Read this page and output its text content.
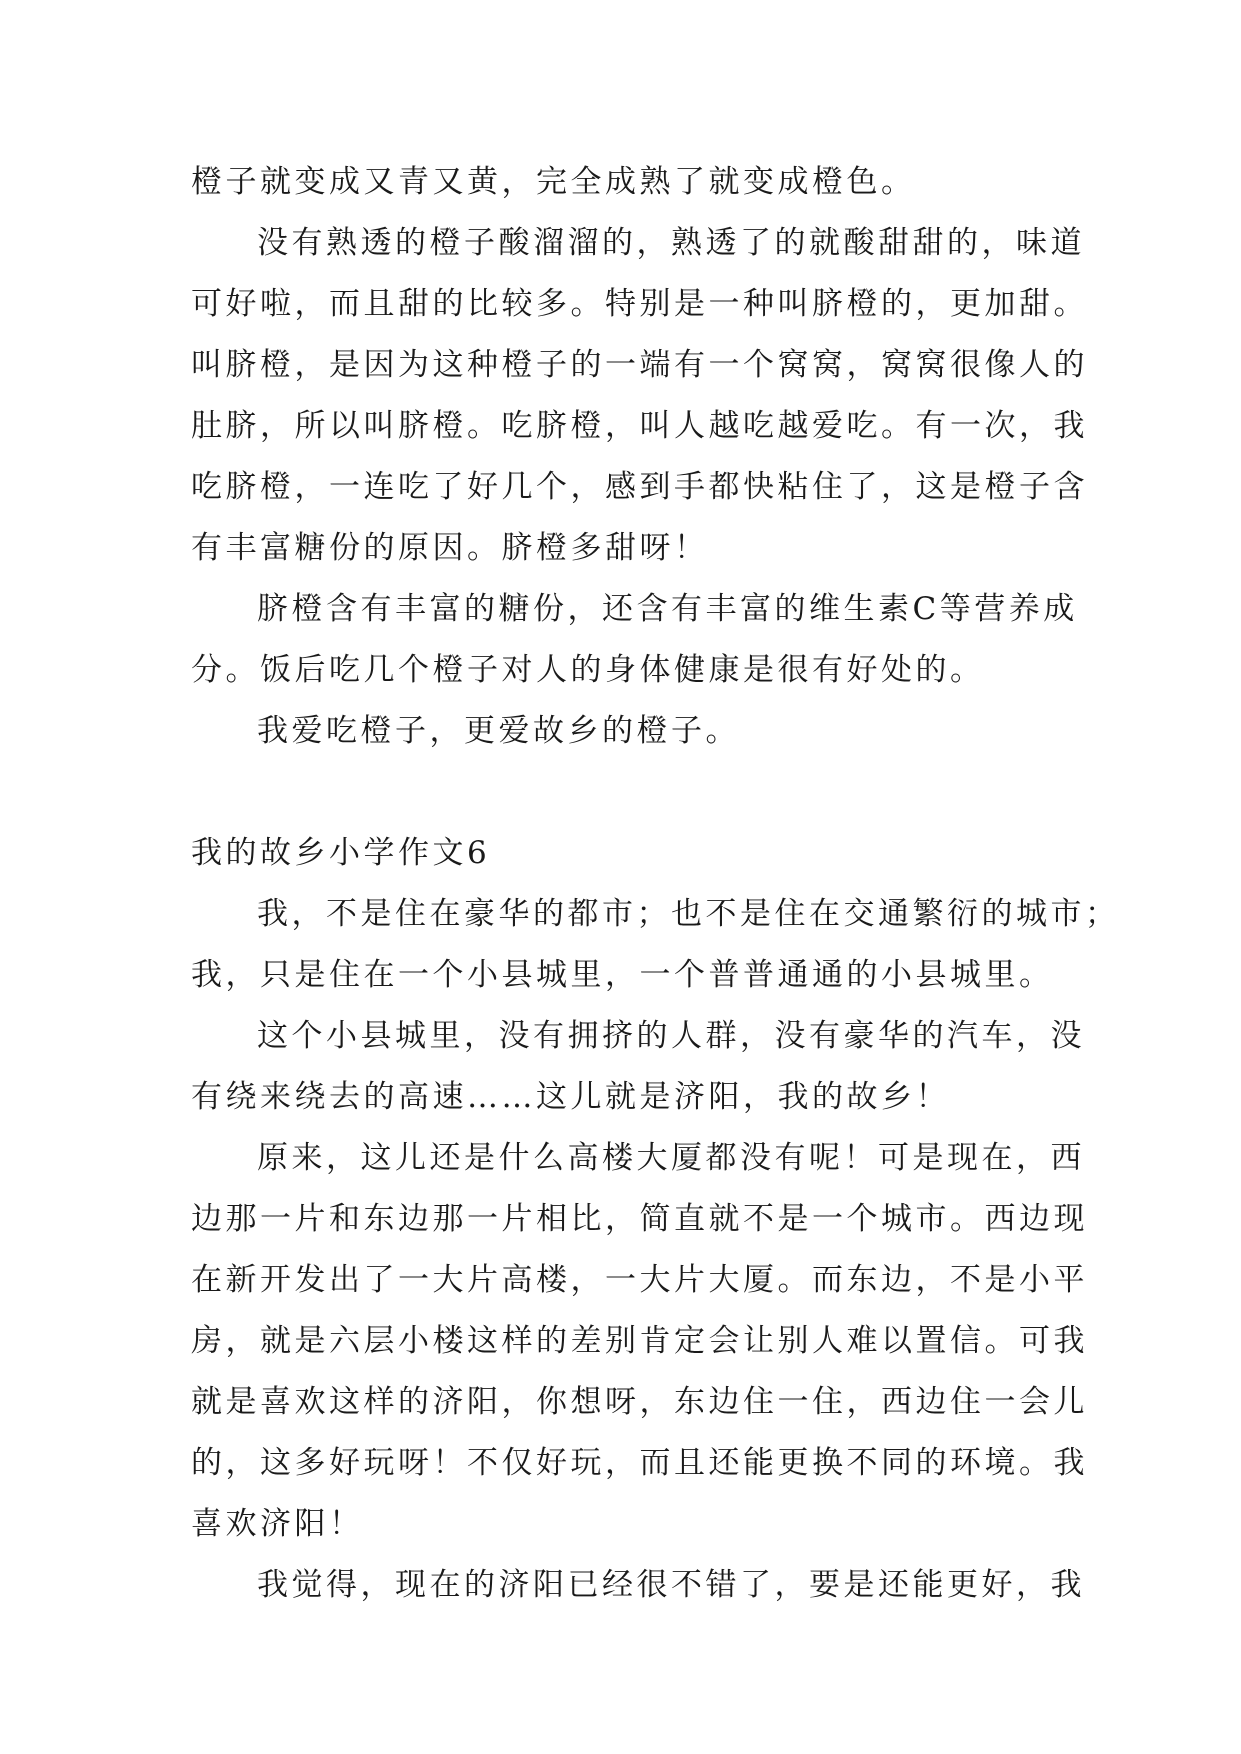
橙子就变成又青又黄，完全成熟了就变成橙色。
没有熟透的橙子酸溜溜的，熟透了的就酸甜甜的，味道
可好啦，而且甜的比较多。特别是一种叫脐橙的，更加甜。
叫脐橙，是因为这种橙子的一端有一个窝窝，窝窝很像人的
肚脐，所以叫脐橙。吃脐橙，叫人越吃越爱吃。有一次，我
吃脐橙，一连吃了好几个，感到手都快粘住了，这是橙子含
有丰富糖份的原因。脐橙多甜呀！
脐橙含有丰富的糖份，还含有丰富的维生素C等营养成
分。饭后吃几个橙子对人的身体健康是很有好处的。
我爱吃橙子，更爱故乡的橙子。
我的故乡小学作文6
我，不是住在豪华的都市；也不是住在交通繁衍的城市；
我，只是住在一个小县城里，一个普普通通的小县城里。
这个小县城里，没有拥挤的人群，没有豪华的汽车，没
有绕来绕去的高速……这儿就是济阳，我的故乡！
原来，这儿还是什么高楼大厦都没有呢！可是现在，西
边那一片和东边那一片相比，简直就不是一个城市。西边现
在新开发出了一大片高楼，一大片大厦。而东边，不是小平
房，就是六层小楼这样的差别肯定会让别人难以置信。可我
就是喜欢这样的济阳，你想呀，东边住一住，西边住一会儿
的，这多好玩呀！不仅好玩，而且还能更换不同的环境。我
喜欢济阳！
我觉得，现在的济阳已经很不错了，要是还能更好，我
